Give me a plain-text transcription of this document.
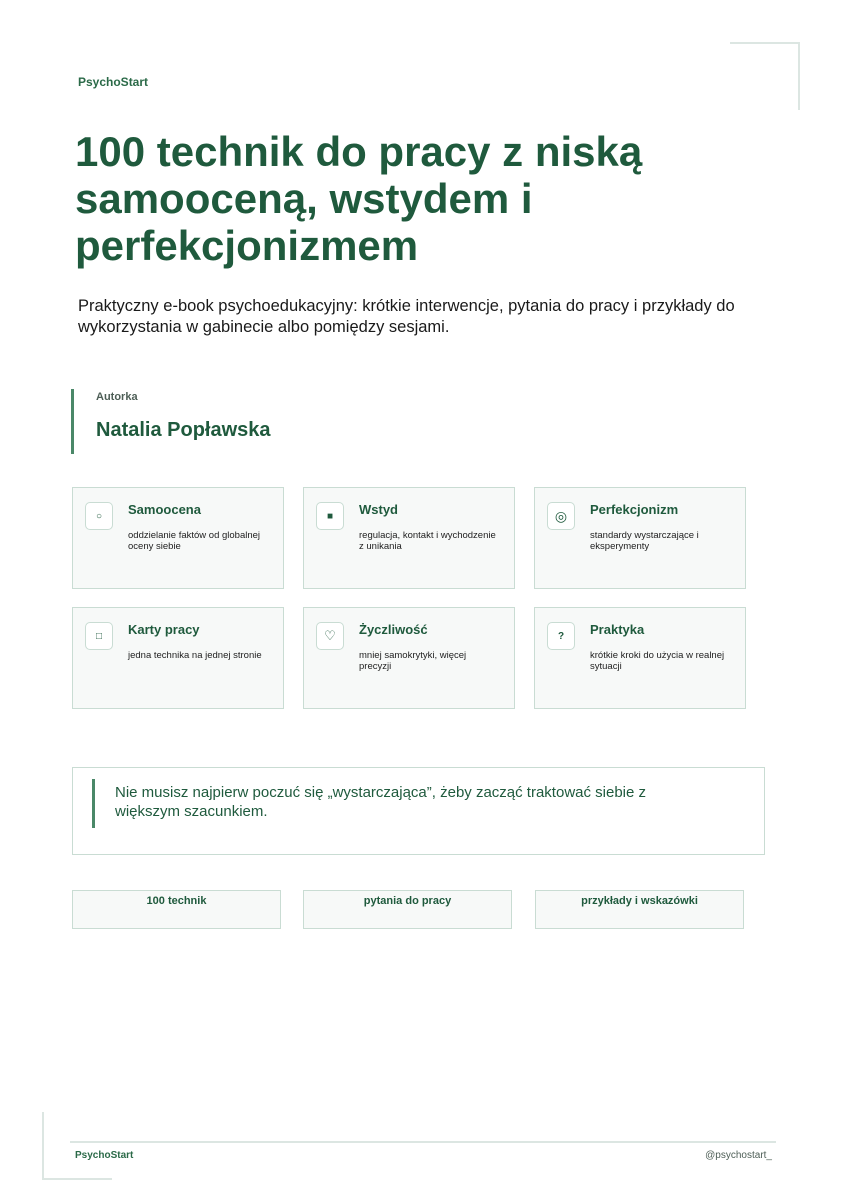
PsychoStart
100 technik do pracy z niską samooceną, wstydem i perfekcjonizmem

Praktyczny e-book psychoedukacyjny: krótkie interwencje, pytania do pracy i przykłady do wykorzystania w gabinecie albo pomiędzy sesjami.

Autorka
Natalia Popławska
○	Samoocena
oddzielanie faktów od globalnej oceny siebie
■	Wstyd
regulacja, kontakt i wychodzenie z unikania
◎	Perfekcjonizm
standardy wystarczające i eksperymenty
□	Karty pracy
jedna technika na jednej stronie
♡	Życzliwość
mniej samokrytyki, więcej precyzji
?	Praktyka
krótkie kroki do użycia w realnej sytuacji

Nie musisz najpierw poczuć się „wystarczająca”, żeby zacząć traktować siebie z większym szacunkiem.

100 technik	pytania do pracy	przykłady i wskazówki
PsychoStart	@psychostart_
